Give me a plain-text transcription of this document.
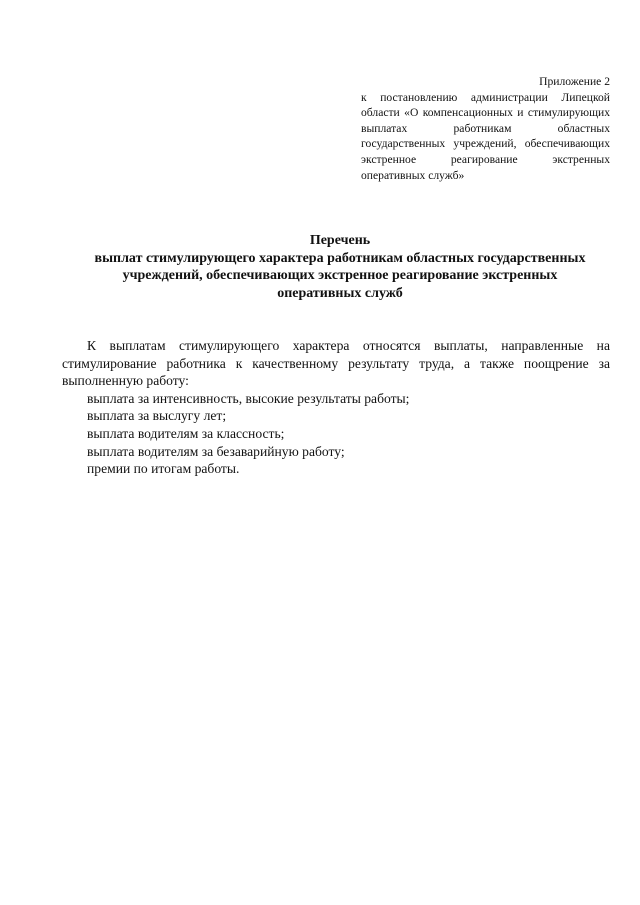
Приложение 2
к постановлению администрации Липецкой области «О компенсационных и стимулирующих выплатах работникам областных государственных учреждений, обеспечивающих экстренное реагирование экстренных оперативных служб»
Перечень
выплат стимулирующего характера работникам областных государственных
учреждений, обеспечивающих экстренное реагирование экстренных
оперативных служб

К выплатам стимулирующего характера относятся выплаты, направленные на стимулирование работника к качественному результату труда, а также поощрение за выполненную работу:

выплата за интенсивность, высокие результаты работы;
выплата за выслугу лет;
выплата водителям за классность;
выплата водителям за безаварийную работу;
премии по итогам работы.
